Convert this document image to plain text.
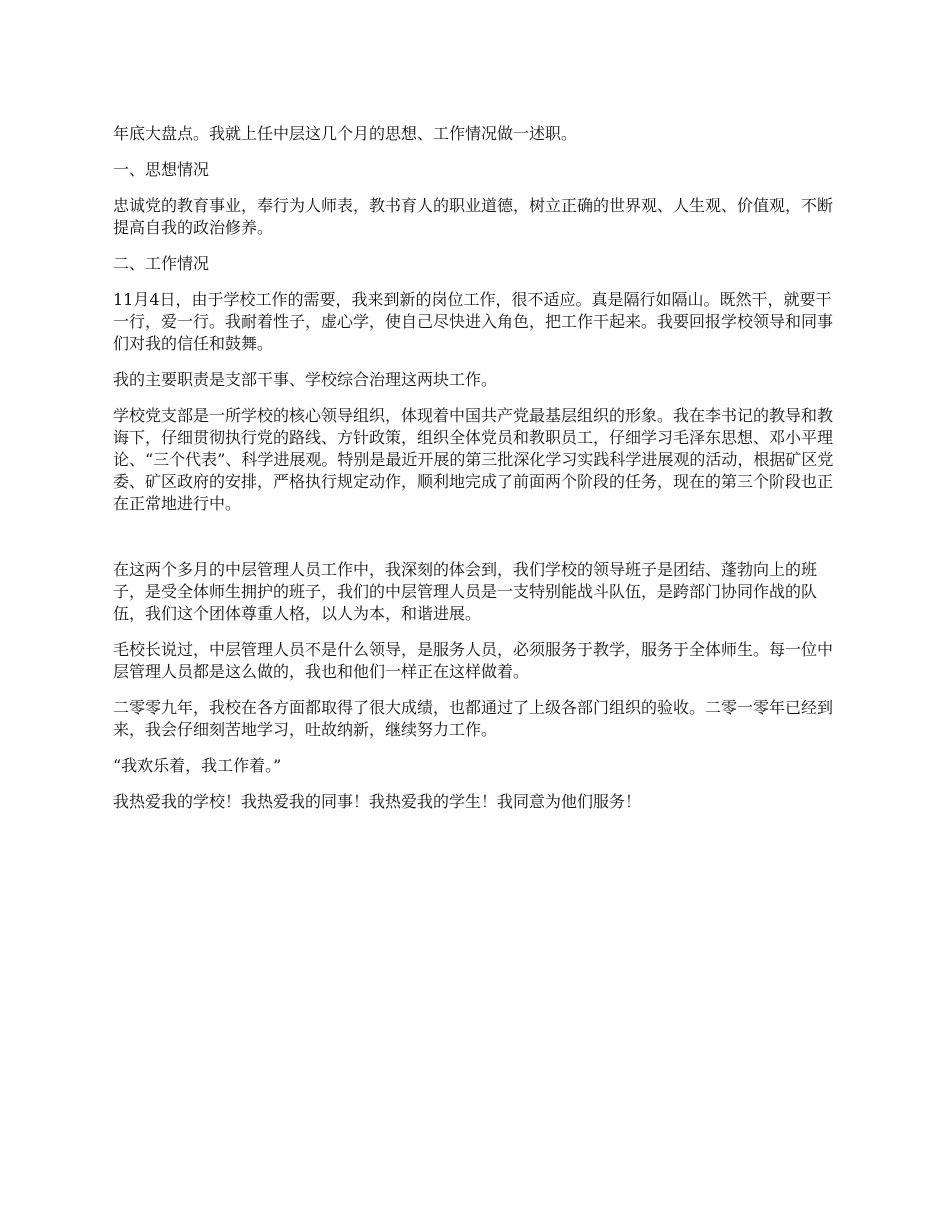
年底大盘点。我就上任中层这几个月的思想、工作情况做一述职。

一、思想情况

忠诚党的教育事业，奉行为人师表，教书育人的职业道德，树立正确的世界观、人生观、价值观，不断提高自我的政治修养。

二、工作情况

11月4日，由于学校工作的需要，我来到新的岗位工作，很不适应。真是隔行如隔山。既然干，就要干一行，爱一行。我耐着性子，虚心学，使自己尽快进入角色，把工作干起来。我要回报学校领导和同事们对我的信任和鼓舞。

我的主要职责是支部干事、学校综合治理这两块工作。

学校党支部是一所学校的核心领导组织，体现着中国共产党最基层组织的形象。我在李书记的教导和教诲下，仔细贯彻执行党的路线、方针政策，组织全体党员和教职员工，仔细学习毛泽东思想、邓小平理论、“三个代表”、科学进展观。特别是最近开展的第三批深化学习实践科学进展观的活动，根据矿区党委、矿区政府的安排，严格执行规定动作，顺利地完成了前面两个阶段的任务，现在的第三个阶段也正在正常地进行中。

在这两个多月的中层管理人员工作中，我深刻的体会到，我们学校的领导班子是团结、蓬勃向上的班子，是受全体师生拥护的班子，我们的中层管理人员是一支特别能战斗队伍，是跨部门协同作战的队伍，我们这个团体尊重人格，以人为本，和谐进展。

毛校长说过，中层管理人员不是什么领导，是服务人员，必须服务于教学，服务于全体师生。每一位中层管理人员都是这么做的，我也和他们一样正在这样做着。

二零零九年，我校在各方面都取得了很大成绩，也都通过了上级各部门组织的验收。二零一零年已经到来，我会仔细刻苦地学习，吐故纳新，继续努力工作。

“我欢乐着，我工作着。”

我热爱我的学校！我热爱我的同事！我热爱我的学生！我同意为他们服务！
